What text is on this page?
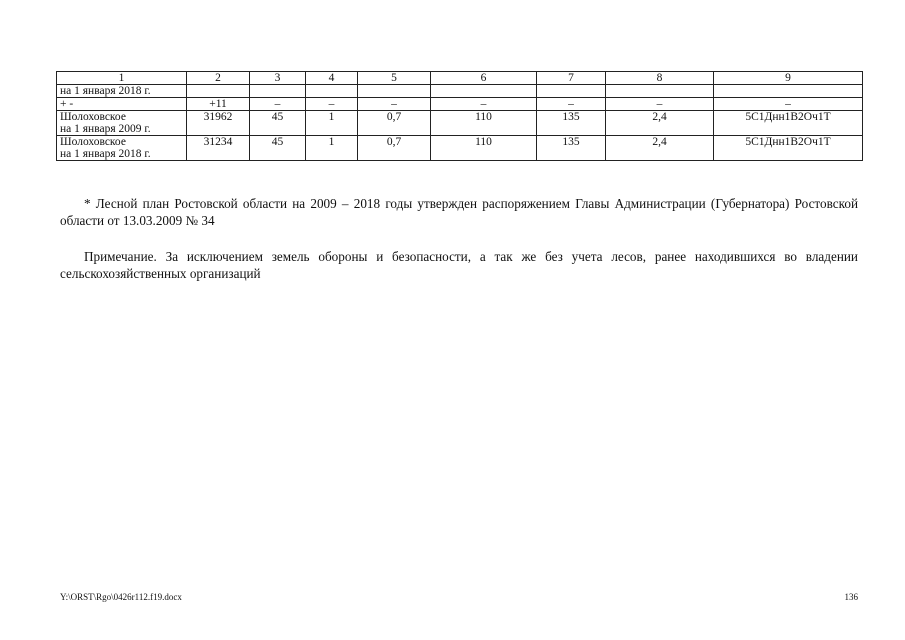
1	2	3	4	5	6	7	8	9
на 1 января 2018 г.								
+ -	+11	–	–	–	–	–	–	–
Шолоховское
на 1 января 2009 г.	31962	45	1	0,7	110	135	2,4	5С1Днн1В2Оч1Т
Шолоховское
на 1 января 2018 г.	31234	45	1	0,7	110	135	2,4	5С1Днн1В2Оч1Т

* Лесной план Ростовской области на 2009 – 2018 годы утвержден распоряжением Главы Администрации (Губернатора) Ростовской области от 13.03.2009 № 34

Примечание. За исключением земель обороны и безопасности, а так же без учета лесов, ранее находившихся во владении сельскохозяйственных организаций

Y:\ORST\Rgo\0426r112.f19.docx	136
